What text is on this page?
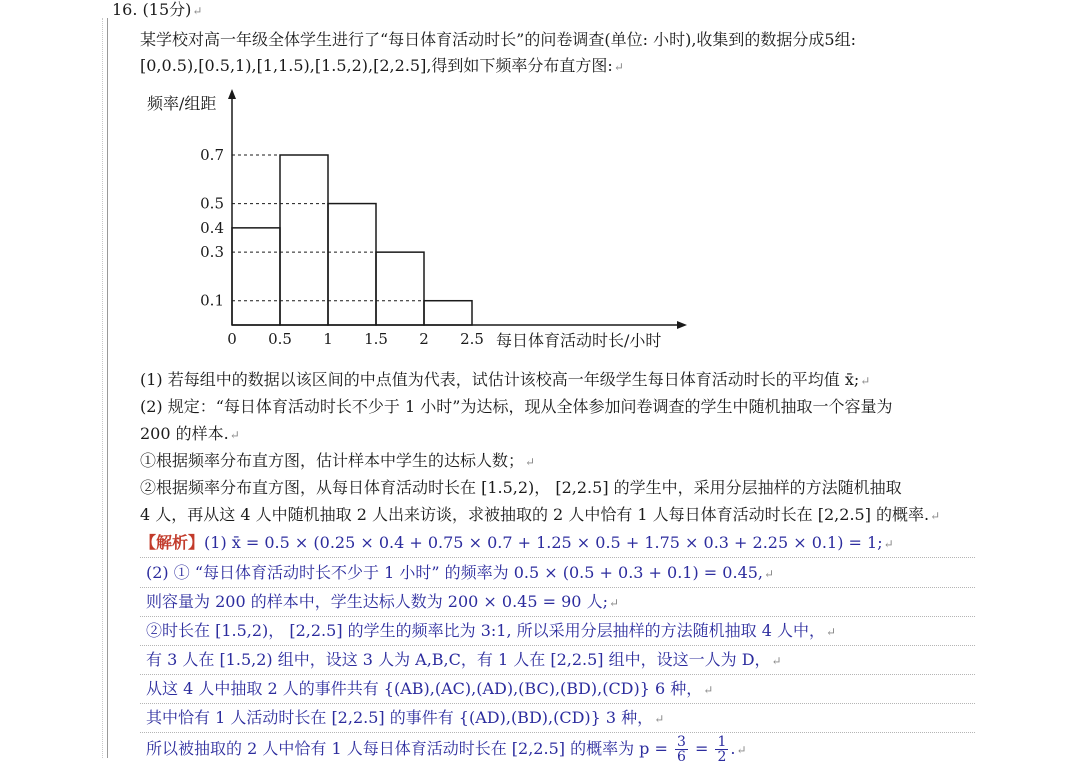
16. (15分)↵
某学校对高一年级全体学生进行了“每日体育活动时长”的问卷调查(单位: 小时),收集到的数据分成5组:
[0,0.5),[0.5,1),[1,1.5),[1.5,2),[2,2.5],得到如下频率分布直方图:↵
频率/组距
每日体育活动时长/小时
0.1
0.3
0.4
0.5
0.7
0 0.5 1 1.5 2 2.5
(1) 若每组中的数据以该区间的中点值为代表，试估计该校高一年级学生每日体育活动时长的平均值 x̄;↵
(2) 规定：“每日体育活动时长不少于 1 小时”为达标，现从全体参加问卷调查的学生中随机抽取一个容量为
200 的样本.↵
①根据频率分布直方图，估计样本中学生的达标人数；↵
②根据频率分布直方图，从每日体育活动时长在 [1.5,2)， [2,2.5] 的学生中，采用分层抽样的方法随机抽取
4 人，再从这 4 人中随机抽取 2 人出来访谈，求被抽取的 2 人中恰有 1 人每日体育活动时长在 [2,2.5] 的概率.↵
【解析】(1) x̄ = 0.5 × (0.25 × 0.4 + 0.75 × 0.7 + 1.25 × 0.5 + 1.75 × 0.3 + 2.25 × 0.1) = 1;↵
(2) ① “每日体育活动时长不少于 1 小时” 的频率为 0.5 × (0.5 + 0.3 + 0.1) = 0.45,↵
则容量为 200 的样本中，学生达标人数为 200 × 0.45 = 90 人;↵
②时长在 [1.5,2)， [2,2.5] 的学生的频率比为 3:1, 所以采用分层抽样的方法随机抽取 4 人中，↵
有 3 人在 [1.5,2) 组中，设这 3 人为 A,B,C，有 1 人在 [2,2.5] 组中，设这一人为 D，↵
从这 4 人中抽取 2 人的事件共有 {(AB),(AC),(AD),(BC),(BD),(CD)} 6 种，↵
其中恰有 1 人活动时长在 [2,2.5] 的事件有 {(AD),(BD),(CD)} 3 种，↵
所以被抽取的 2 人中恰有 1 人每日体育活动时长在 [2,2.5] 的概率为 $p = \frac{3}{6} = \frac{1}{2}$ .↵
